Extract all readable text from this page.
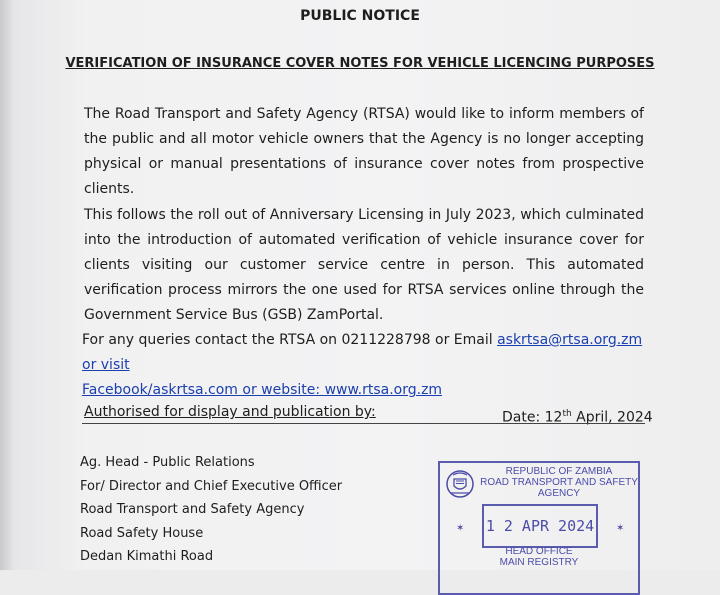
PUBLIC NOTICE
VERIFICATION OF INSURANCE COVER NOTES FOR VEHICLE LICENCING PURPOSES
The Road Transport and Safety Agency (RTSA) would like to inform members of the public and all motor vehicle owners that the Agency is no longer accepting physical or manual presentations of insurance cover notes from prospective clients.
This follows the roll out of Anniversary Licensing in July 2023, which culminated into the introduction of automated verification of vehicle insurance cover for clients visiting our customer service centre in person. This automated verification process mirrors the one used for RTSA services online through the Government Service Bus (GSB) ZamPortal.
For any queries contact the RTSA on 0211228798 or Email askrtsa@rtsa.org.zm or visit
Facebook/askrtsa.com or website: www.rtsa.org.zm
Authorised for display and publication by:	Date: 12th April, 2024
Ag. Head - Public Relations
For/ Director and Chief Executive Officer
Road Transport and Safety Agency
Road Safety House
Dedan Kimathi Road
REPUBLIC OF ZAMBIA
ROAD TRANSPORT AND SAFETY
AGENCY
✶ 1 2 APR 2024	✶
HEAD OFFICE
MAIN REGISTRY
